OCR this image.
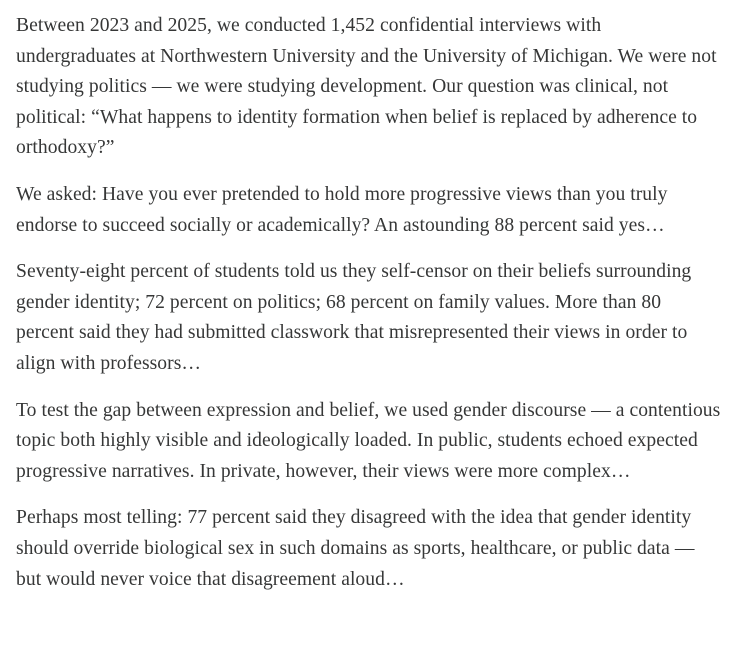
Between 2023 and 2025, we conducted 1,452 confidential interviews with undergraduates at Northwestern University and the University of Michigan. We were not studying politics — we were studying development. Our question was clinical, not political: “What happens to identity formation when belief is replaced by adherence to orthodoxy?”

We asked: Have you ever pretended to hold more progressive views than you truly endorse to succeed socially or academically? An astounding 88 percent said yes…

Seventy-eight percent of students told us they self-censor on their beliefs surrounding gender identity; 72 percent on politics; 68 percent on family values. More than 80 percent said they had submitted classwork that misrepresented their views in order to align with professors…

To test the gap between expression and belief, we used gender discourse — a contentious topic both highly visible and ideologically loaded. In public, students echoed expected progressive narratives. In private, however, their views were more complex…

Perhaps most telling: 77 percent said they disagreed with the idea that gender identity should override biological sex in such domains as sports, healthcare, or public data — but would never voice that disagreement aloud…
